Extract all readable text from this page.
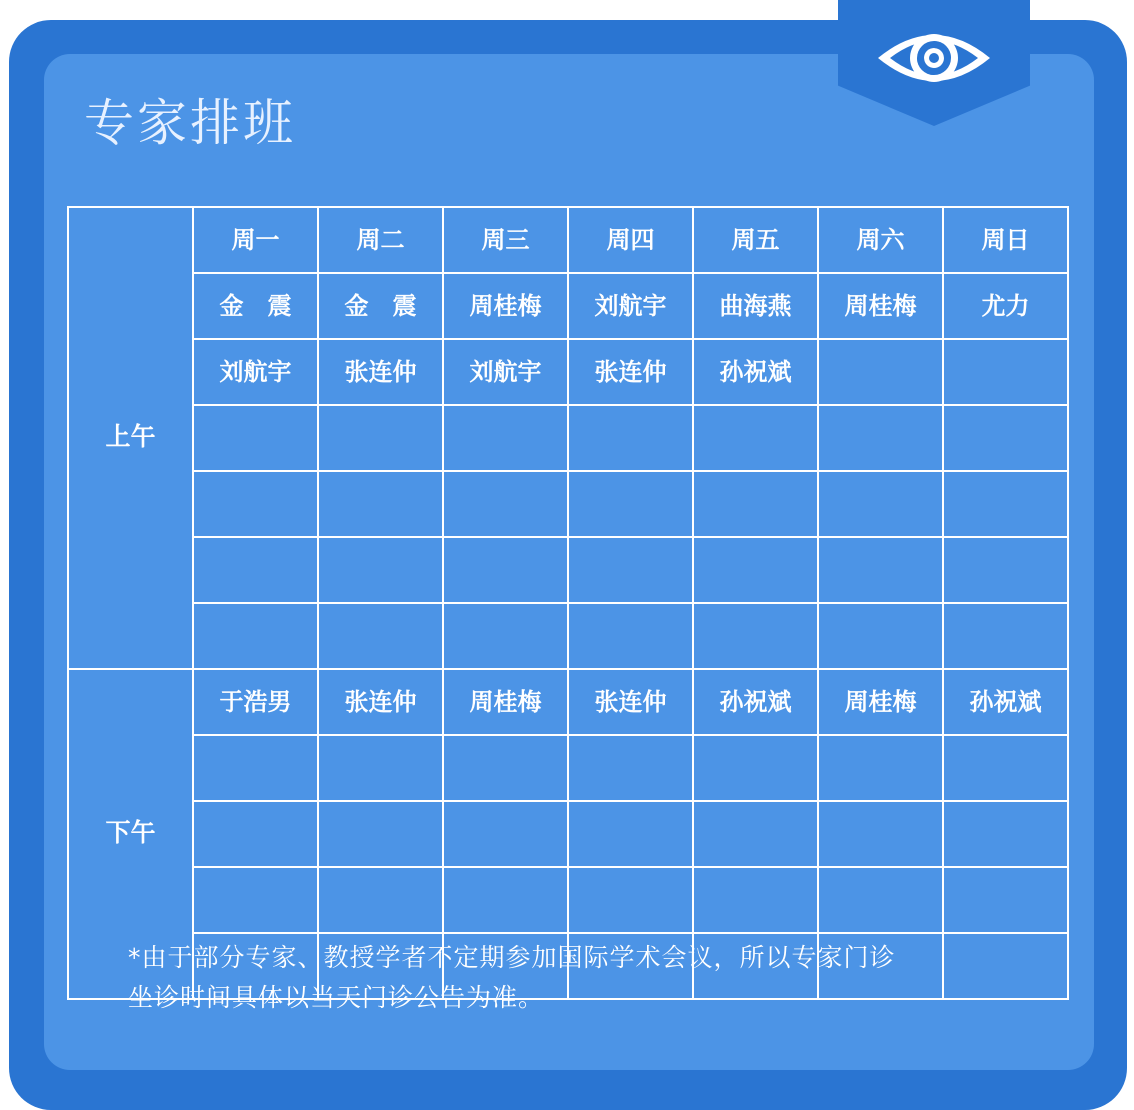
专家排班
上午	周一	周二	周三	周四	周五	周六	周日
	金　震	金　震	周桂梅	刘航宇	曲海燕	周桂梅	尤力
	刘航宇	张连仲	刘航宇	张连仲	孙祝斌		

下午	于浩男	张连仲	周桂梅	张连仲	孙祝斌	周桂梅	孙祝斌

*由于部分专家、教授学者不定期参加国际学术会议，所以专家门诊
坐诊时间具体以当天门诊公告为准。
